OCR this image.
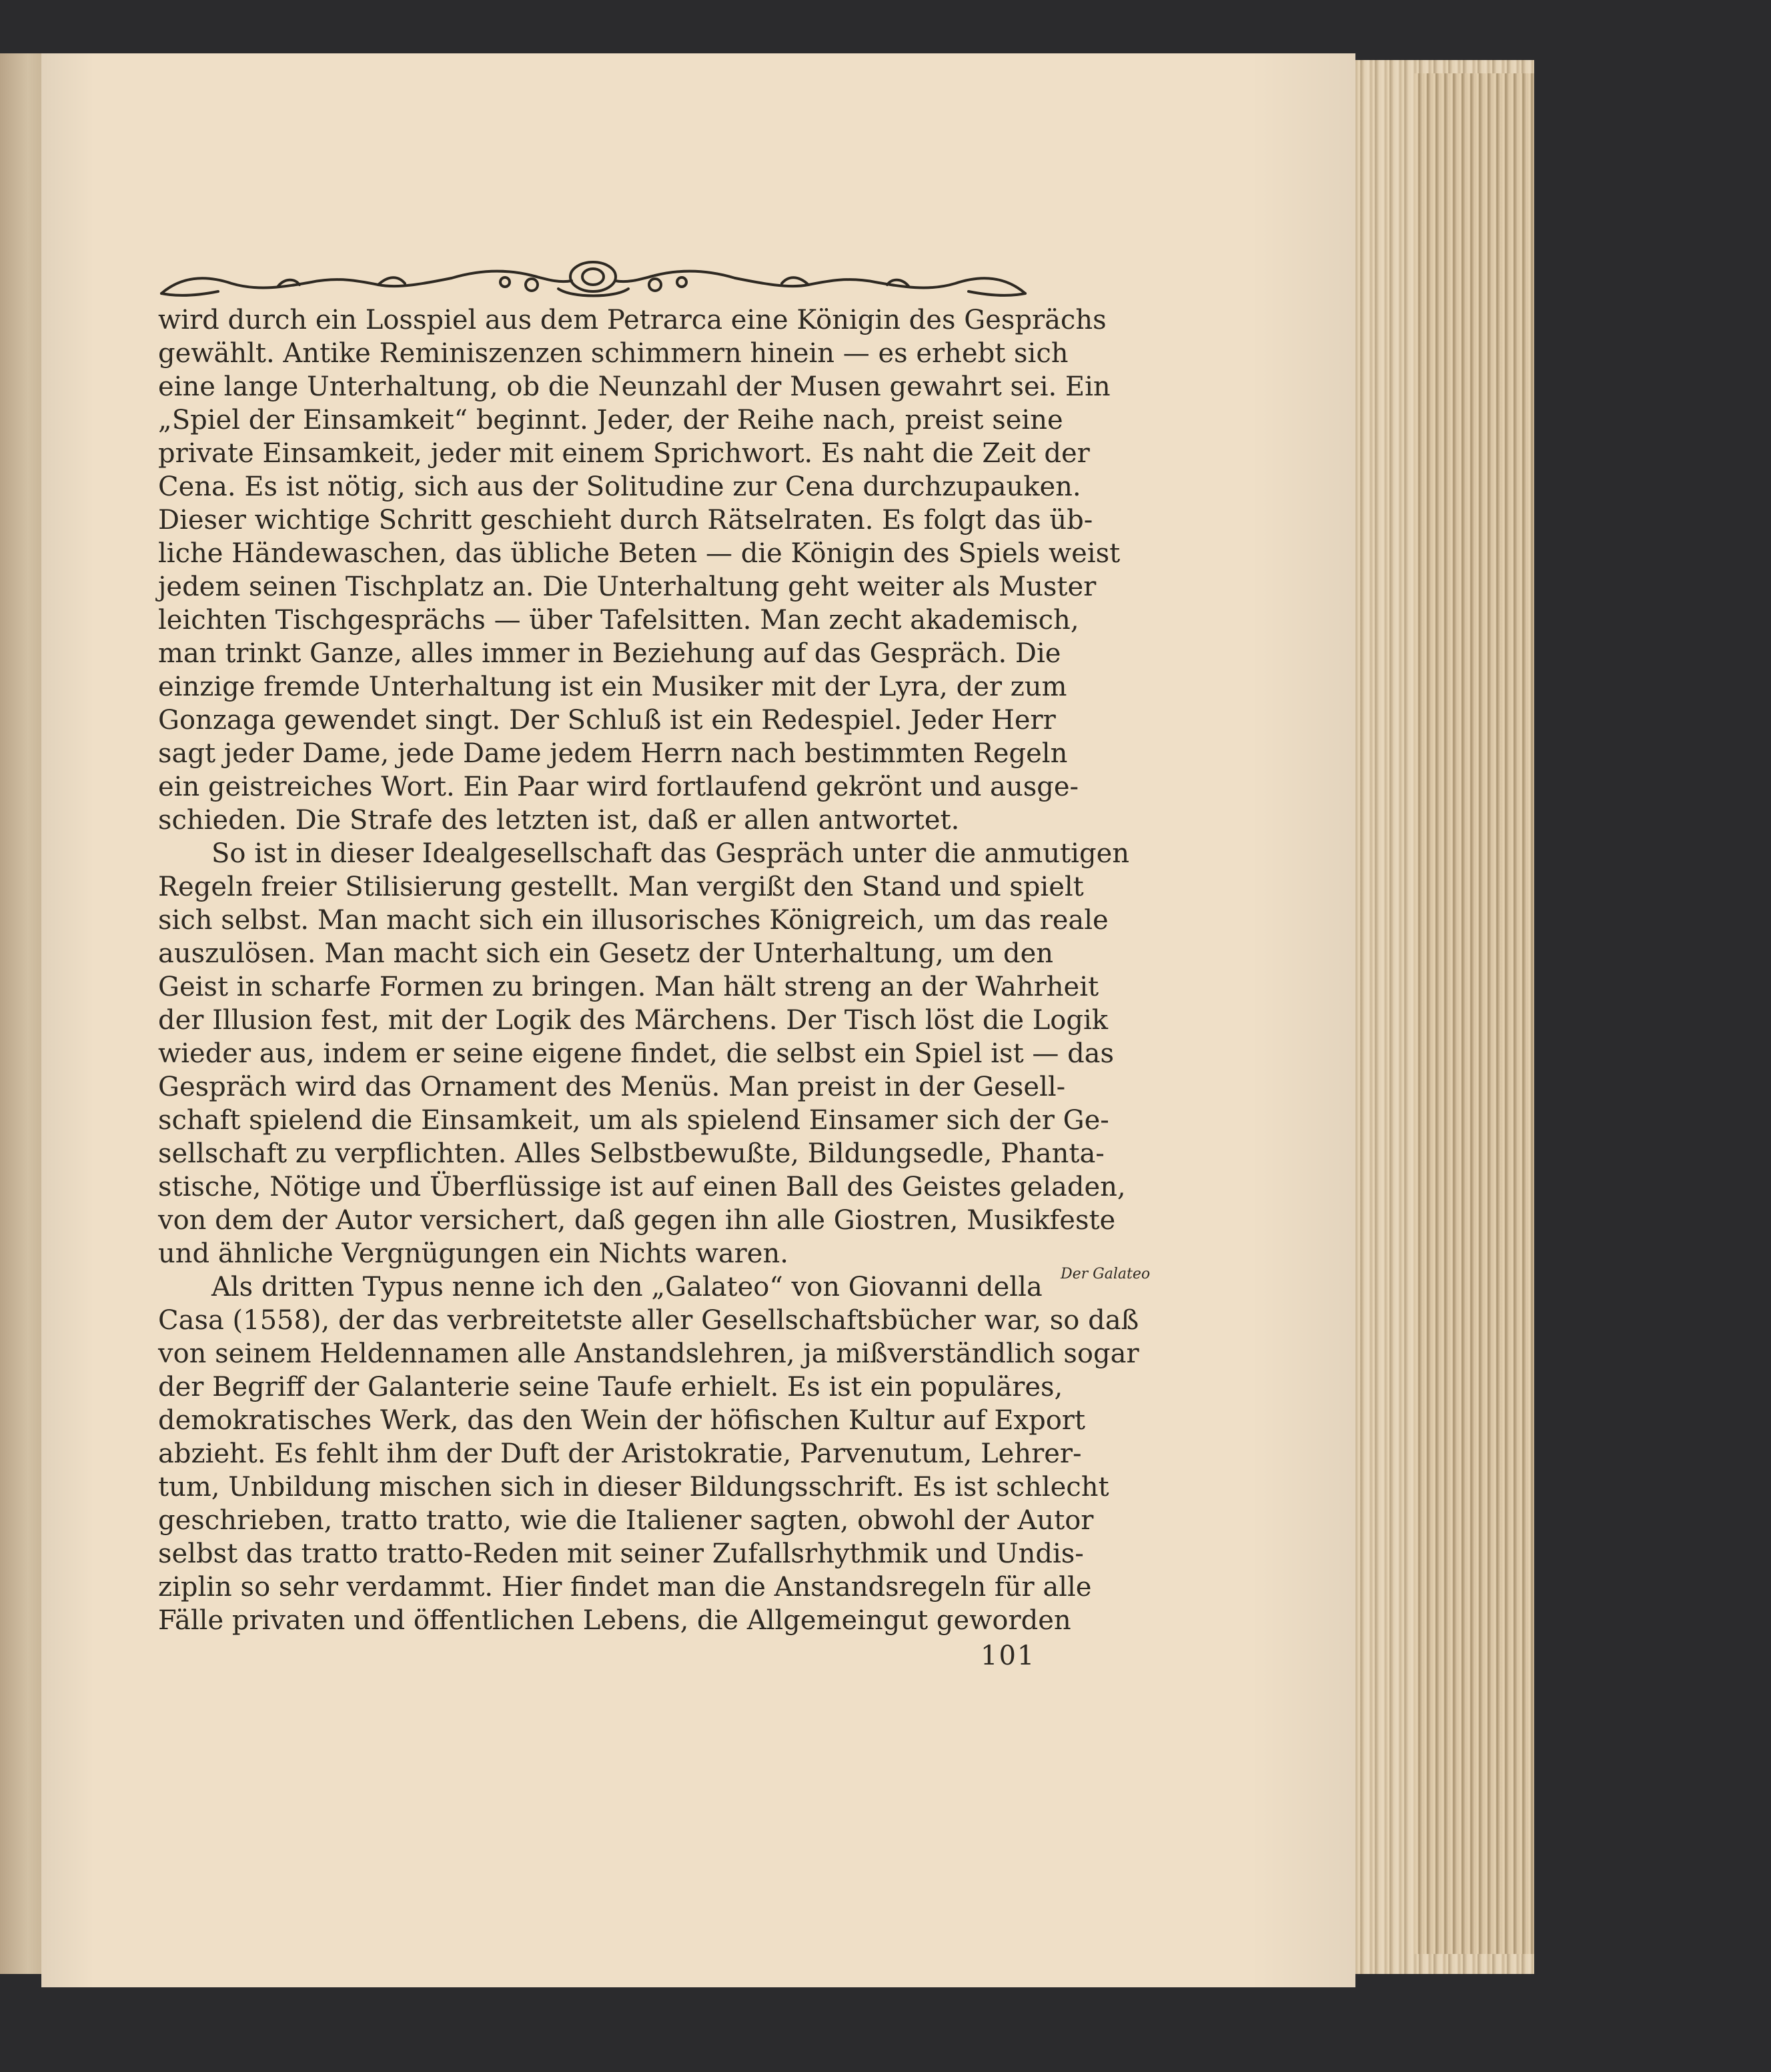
wird durch ein Losspiel aus dem Petrarca eine Königin des Gesprächs
gewählt. Antike Reminiszenzen schimmern hinein — es erhebt sich
eine lange Unterhaltung, ob die Neunzahl der Musen gewahrt sei. Ein
„Spiel der Einsamkeit“ beginnt. Jeder, der Reihe nach, preist seine
private Einsamkeit, jeder mit einem Sprichwort. Es naht die Zeit der
Cena. Es ist nötig, sich aus der Solitudine zur Cena durchzupauken.
Dieser wichtige Schritt geschieht durch Rätselraten. Es folgt das üb-
liche Händewaschen, das übliche Beten — die Königin des Spiels weist
jedem seinen Tischplatz an. Die Unterhaltung geht weiter als Muster
leichten Tischgesprächs — über Tafelsitten. Man zecht akademisch,
man trinkt Ganze, alles immer in Beziehung auf das Gespräch. Die
einzige fremde Unterhaltung ist ein Musiker mit der Lyra, der zum
Gonzaga gewendet singt. Der Schluß ist ein Redespiel. Jeder Herr
sagt jeder Dame, jede Dame jedem Herrn nach bestimmten Regeln
ein geistreiches Wort. Ein Paar wird fortlaufend gekrönt und ausge-
schieden. Die Strafe des letzten ist, daß er allen antwortet.
So ist in dieser Idealgesellschaft das Gespräch unter die anmutigen
Regeln freier Stilisierung gestellt. Man vergißt den Stand und spielt
sich selbst. Man macht sich ein illusorisches Königreich, um das reale
auszulösen. Man macht sich ein Gesetz der Unterhaltung, um den
Geist in scharfe Formen zu bringen. Man hält streng an der Wahrheit
der Illusion fest, mit der Logik des Märchens. Der Tisch löst die Logik
wieder aus, indem er seine eigene findet, die selbst ein Spiel ist — das
Gespräch wird das Ornament des Menüs. Man preist in der Gesell-
schaft spielend die Einsamkeit, um als spielend Einsamer sich der Ge-
sellschaft zu verpflichten. Alles Selbstbewußte, Bildungsedle, Phanta-
stische, Nötige und Überflüssige ist auf einen Ball des Geistes geladen,
von dem der Autor versichert, daß gegen ihn alle Giostren, Musikfeste
und ähnliche Vergnügungen ein Nichts waren.
Als dritten Typus nenne ich den „Galateo“ von Giovanni della
Casa (1558), der das verbreitetste aller Gesellschaftsbücher war, so daß
von seinem Heldennamen alle Anstandslehren, ja mißverständlich sogar
der Begriff der Galanterie seine Taufe erhielt. Es ist ein populäres,
demokratisches Werk, das den Wein der höfischen Kultur auf Export
abzieht. Es fehlt ihm der Duft der Aristokratie, Parvenutum, Lehrer-
tum, Unbildung mischen sich in dieser Bildungsschrift. Es ist schlecht
geschrieben, tratto tratto, wie die Italiener sagten, obwohl der Autor
selbst das tratto tratto-Reden mit seiner Zufallsrhythmik und Undis-
ziplin so sehr verdammt. Hier findet man die Anstandsregeln für alle
Fälle privaten und öffentlichen Lebens, die Allgemeingut geworden
Der Galateo
101
